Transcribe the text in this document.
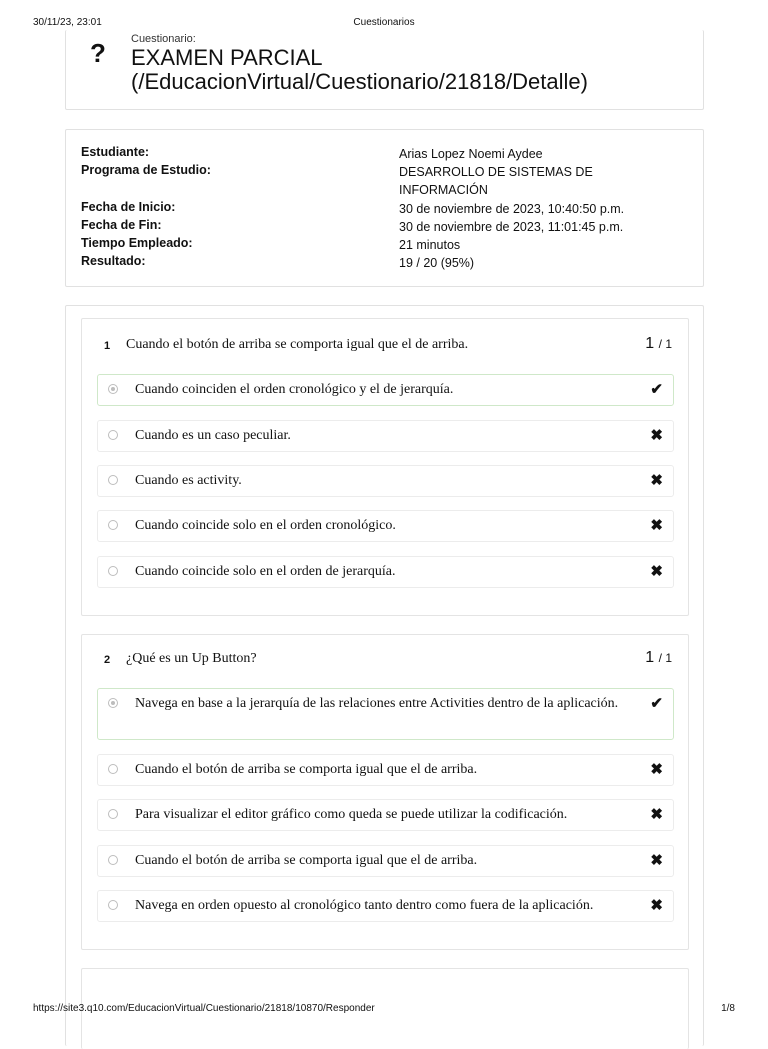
30/11/23, 23:01	Cuestionarios
? Cuestionario:
EXAMEN PARCIAL (/EducacionVirtual/Cuestionario/21818/Detalle)
Estudiante:	Arias Lopez Noemi Aydee
Programa de Estudio:	DESARROLLO DE SISTEMAS DE INFORMACIÓN
Fecha de Inicio:	30 de noviembre de 2023, 10:40:50 p.m.
Fecha de Fin:	30 de noviembre de 2023, 11:01:45 p.m.
Tiempo Empleado:	21 minutos
Resultado:	19 / 20 (95%)
1 Cuando el botón de arriba se comporta igual que el de arriba.	1 / 1
Cuando coinciden el orden cronológico y el de jerarquía.	✔
Cuando es un caso peculiar.	✖
Cuando es activity.	✖
Cuando coincide solo en el orden cronológico.	✖
Cuando coincide solo en el orden de jerarquía.	✖
2 ¿Qué es un Up Button?	1 / 1
Navega en base a la jerarquía de las relaciones entre Activities dentro de la aplicación.	✔
Cuando el botón de arriba se comporta igual que el de arriba.	✖
Para visualizar el editor gráfico como queda se puede utilizar la codificación.	✖
Cuando el botón de arriba se comporta igual que el de arriba.	✖
Navega en orden opuesto al cronológico tanto dentro como fuera de la aplicación.	✖
https://site3.q10.com/EducacionVirtual/Cuestionario/21818/10870/Responder	1/8
